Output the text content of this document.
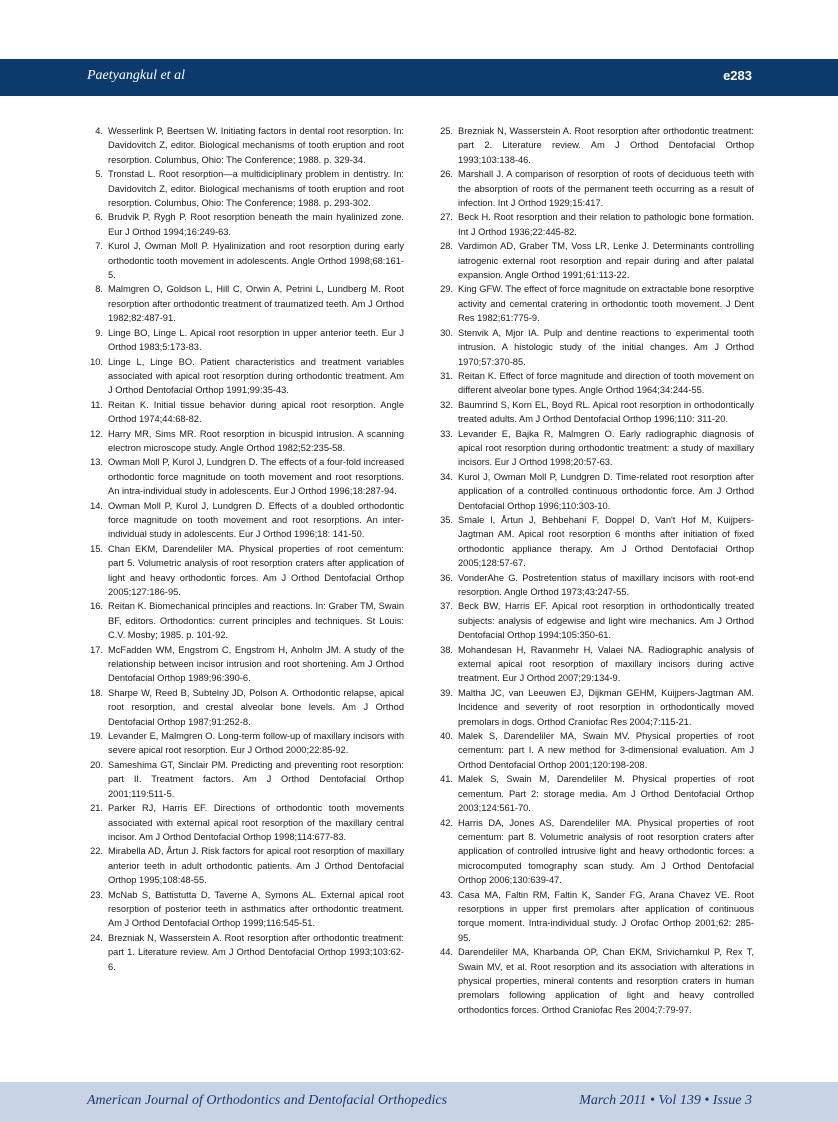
Paetyangkul et al	e283
4. Wesserlink P, Beertsen W. Initiating factors in dental root resorption. In: Davidovitch Z, editor. Biological mechanisms of tooth eruption and root resorption. Columbus, Ohio: The Conference; 1988. p. 329-34.
5. Tronstad L. Root resorption—a multidiciplinary problem in dentistry. In: Davidovitch Z, editor. Biological mechanisms of tooth eruption and root resorption. Columbus, Ohio: The Conference; 1988. p. 293-302.
6. Brudvik P, Rygh P. Root resorption beneath the main hyalinized zone. Eur J Orthod 1994;16:249-63.
7. Kurol J, Owman Moll P. Hyalinization and root resorption during early orthodontic tooth movement in adolescents. Angle Orthod 1998;68:161-5.
8. Malmgren O, Goldson L, Hill C, Orwin A, Petrini L, Lundberg M. Root resorption after orthodontic treatment of traumatized teeth. Am J Orthod 1982;82:487-91.
9. Linge BO, Linge L. Apical root resorption in upper anterior teeth. Eur J Orthod 1983;5:173-83.
10. Linge L, Linge BO. Patient characteristics and treatment variables associated with apical root resorption during orthodontic treatment. Am J Orthod Dentofacial Orthop 1991;99:35-43.
11. Reitan K. Initial tissue behavior during apical root resorption. Angle Orthod 1974;44:68-82.
12. Harry MR, Sims MR. Root resorption in bicuspid intrusion. A scanning electron microscope study. Angle Orthod 1982;52:235-58.
13. Owman Moll P, Kurol J, Lundgren D. The effects of a four-fold increased orthodontic force magnitude on tooth movement and root resorptions. An intra-individual study in adolescents. Eur J Orthod 1996;18:287-94.
14. Owman Moll P, Kurol J, Lundgren D. Effects of a doubled orthodontic force magnitude on tooth movement and root resorptions. An inter-individual study in adolescents. Eur J Orthod 1996;18: 141-50.
15. Chan EKM, Darendeliler MA. Physical properties of root cementum: part 5. Volumetric analysis of root resorption craters after application of light and heavy orthodontic forces. Am J Orthod Dentofacial Orthop 2005;127:186-95.
16. Reitan K. Biomechanical principles and reactions. In: Graber TM, Swain BF, editors. Orthodontics: current principles and techniques. St Louis: C.V. Mosby; 1985. p. 101-92.
17. McFadden WM, Engstrom C, Engstrom H, Anholm JM. A study of the relationship between incisor intrusion and root shortening. Am J Orthod Dentofacial Orthop 1989;96:390-6.
18. Sharpe W, Reed B, Subtelny JD, Polson A. Orthodontic relapse, apical root resorption, and crestal alveolar bone levels. Am J Orthod Dentofacial Orthop 1987;91:252-8.
19. Levander E, Malmgren O. Long-term follow-up of maxillary incisors with severe apical root resorption. Eur J Orthod 2000;22:85-92.
20. Sameshima GT, Sinclair PM. Predicting and preventing root resorption: part II. Treatment factors. Am J Orthod Dentofacial Orthop 2001;119:511-5.
21. Parker RJ, Harris EF. Directions of orthodontic tooth movements associated with external apical root resorption of the maxillary central incisor. Am J Orthod Dentofacial Orthop 1998;114:677-83.
22. Mirabella AD, Årtun J. Risk factors for apical root resorption of maxillary anterior teeth in adult orthodontic patients. Am J Orthod Dentofacial Orthop 1995;108:48-55.
23. McNab S, Battistutta D, Taverne A, Symons AL. External apical root resorption of posterior teeth in asthmatics after orthodontic treatment. Am J Orthod Dentofacial Orthop 1999;116:545-51.
24. Brezniak N, Wasserstein A. Root resorption after orthodontic treatment: part 1. Literature review. Am J Orthod Dentofacial Orthop 1993;103:62-6.
25. Brezniak N, Wasserstein A. Root resorption after orthodontic treatment: part 2. Literature review. Am J Orthod Dentofacial Orthop 1993;103:138-46.
26. Marshall J. A comparison of resorption of roots of deciduous teeth with the absorption of roots of the permanent teeth occurring as a result of infection. Int J Orthod 1929;15:417.
27. Beck H. Root resorption and their relation to pathologic bone formation. Int J Orthod 1936;22:445-82.
28. Vardimon AD, Graber TM, Voss LR, Lenke J. Determinants controlling iatrogenic external root resorption and repair during and after palatal expansion. Angle Orthod 1991;61:113-22.
29. King GFW. The effect of force magnitude on extractable bone resorptive activity and cemental cratering in orthodontic tooth movement. J Dent Res 1982;61:775-9.
30. Stenvik A, Mjor IA. Pulp and dentine reactions to experimental tooth intrusion. A histologic study of the initial changes. Am J Orthod 1970;57:370-85.
31. Reitan K. Effect of force magnitude and direction of tooth movement on different alveolar bone types. Angle Orthod 1964;34:244-55.
32. Baumrind S, Korn EL, Boyd RL. Apical root resorption in orthodontically treated adults. Am J Orthod Dentofacial Orthop 1996;110: 311-20.
33. Levander E, Bajka R, Malmgren O. Early radiographic diagnosis of apical root resorption during orthodontic treatment: a study of maxillary incisors. Eur J Orthod 1998;20:57-63.
34. Kurol J, Owman Moll P, Lundgren D. Time-related root resorption after application of a controlled continuous orthodontic force. Am J Orthod Dentofacial Orthop 1996;110:303-10.
35. Smale I, Årtun J, Behbehani F, Doppel D, Van't Hof M, Kuijpers-Jagtman AM. Apical root resorption 6 months after initiation of fixed orthodontic appliance therapy. Am J Orthod Dentofacial Orthop 2005;128:57-67.
36. VonderAhe G. Postretention status of maxillary incisors with root-end resorption. Angle Orthod 1973;43:247-55.
37. Beck BW, Harris EF. Apical root resorption in orthodontically treated subjects: analysis of edgewise and light wire mechanics. Am J Orthod Dentofacial Orthop 1994;105:350-61.
38. Mohandesan H, Ravanmehr H, Valaei NA. Radiographic analysis of external apical root resorption of maxillary incisors during active treatment. Eur J Orthod 2007;29:134-9.
39. Maltha JC, van Leeuwen EJ, Dijkman GEHM, Kuijpers-Jagtman AM. Incidence and severity of root resorption in orthodontically moved premolars in dogs. Orthod Craniofac Res 2004;7:115-21.
40. Malek S, Darendeliler MA, Swain MV. Physical properties of root cementum: part I. A new method for 3-dimensional evaluation. Am J Orthod Dentofacial Orthop 2001;120:198-208.
41. Malek S, Swain M, Darendeliler M. Physical properties of root cementum. Part 2: storage media. Am J Orthod Dentofacial Orthop 2003;124:561-70.
42. Harris DA, Jones AS, Darendeliler MA. Physical properties of root cementum: part 8. Volumetric analysis of root resorption craters after application of controlled intrusive light and heavy orthodontic forces: a microcomputed tomography scan study. Am J Orthod Dentofacial Orthop 2006;130:639-47.
43. Casa MA, Faltin RM, Faltin K, Sander FG, Arana Chavez VE. Root resorptions in upper first premolars after application of continuous torque moment. Intra-individual study. J Orofac Orthop 2001;62: 285-95.
44. Darendeliler MA, Kharbanda OP, Chan EKM, Srivicharnkul P, Rex T, Swain MV, et al. Root resorption and its association with alterations in physical properties, mineral contents and resorption craters in human premolars following application of light and heavy controlled orthodontics forces. Orthod Craniofac Res 2004;7:79-97.
American Journal of Orthodontics and Dentofacial Orthopedics	March 2011 • Vol 139 • Issue 3
